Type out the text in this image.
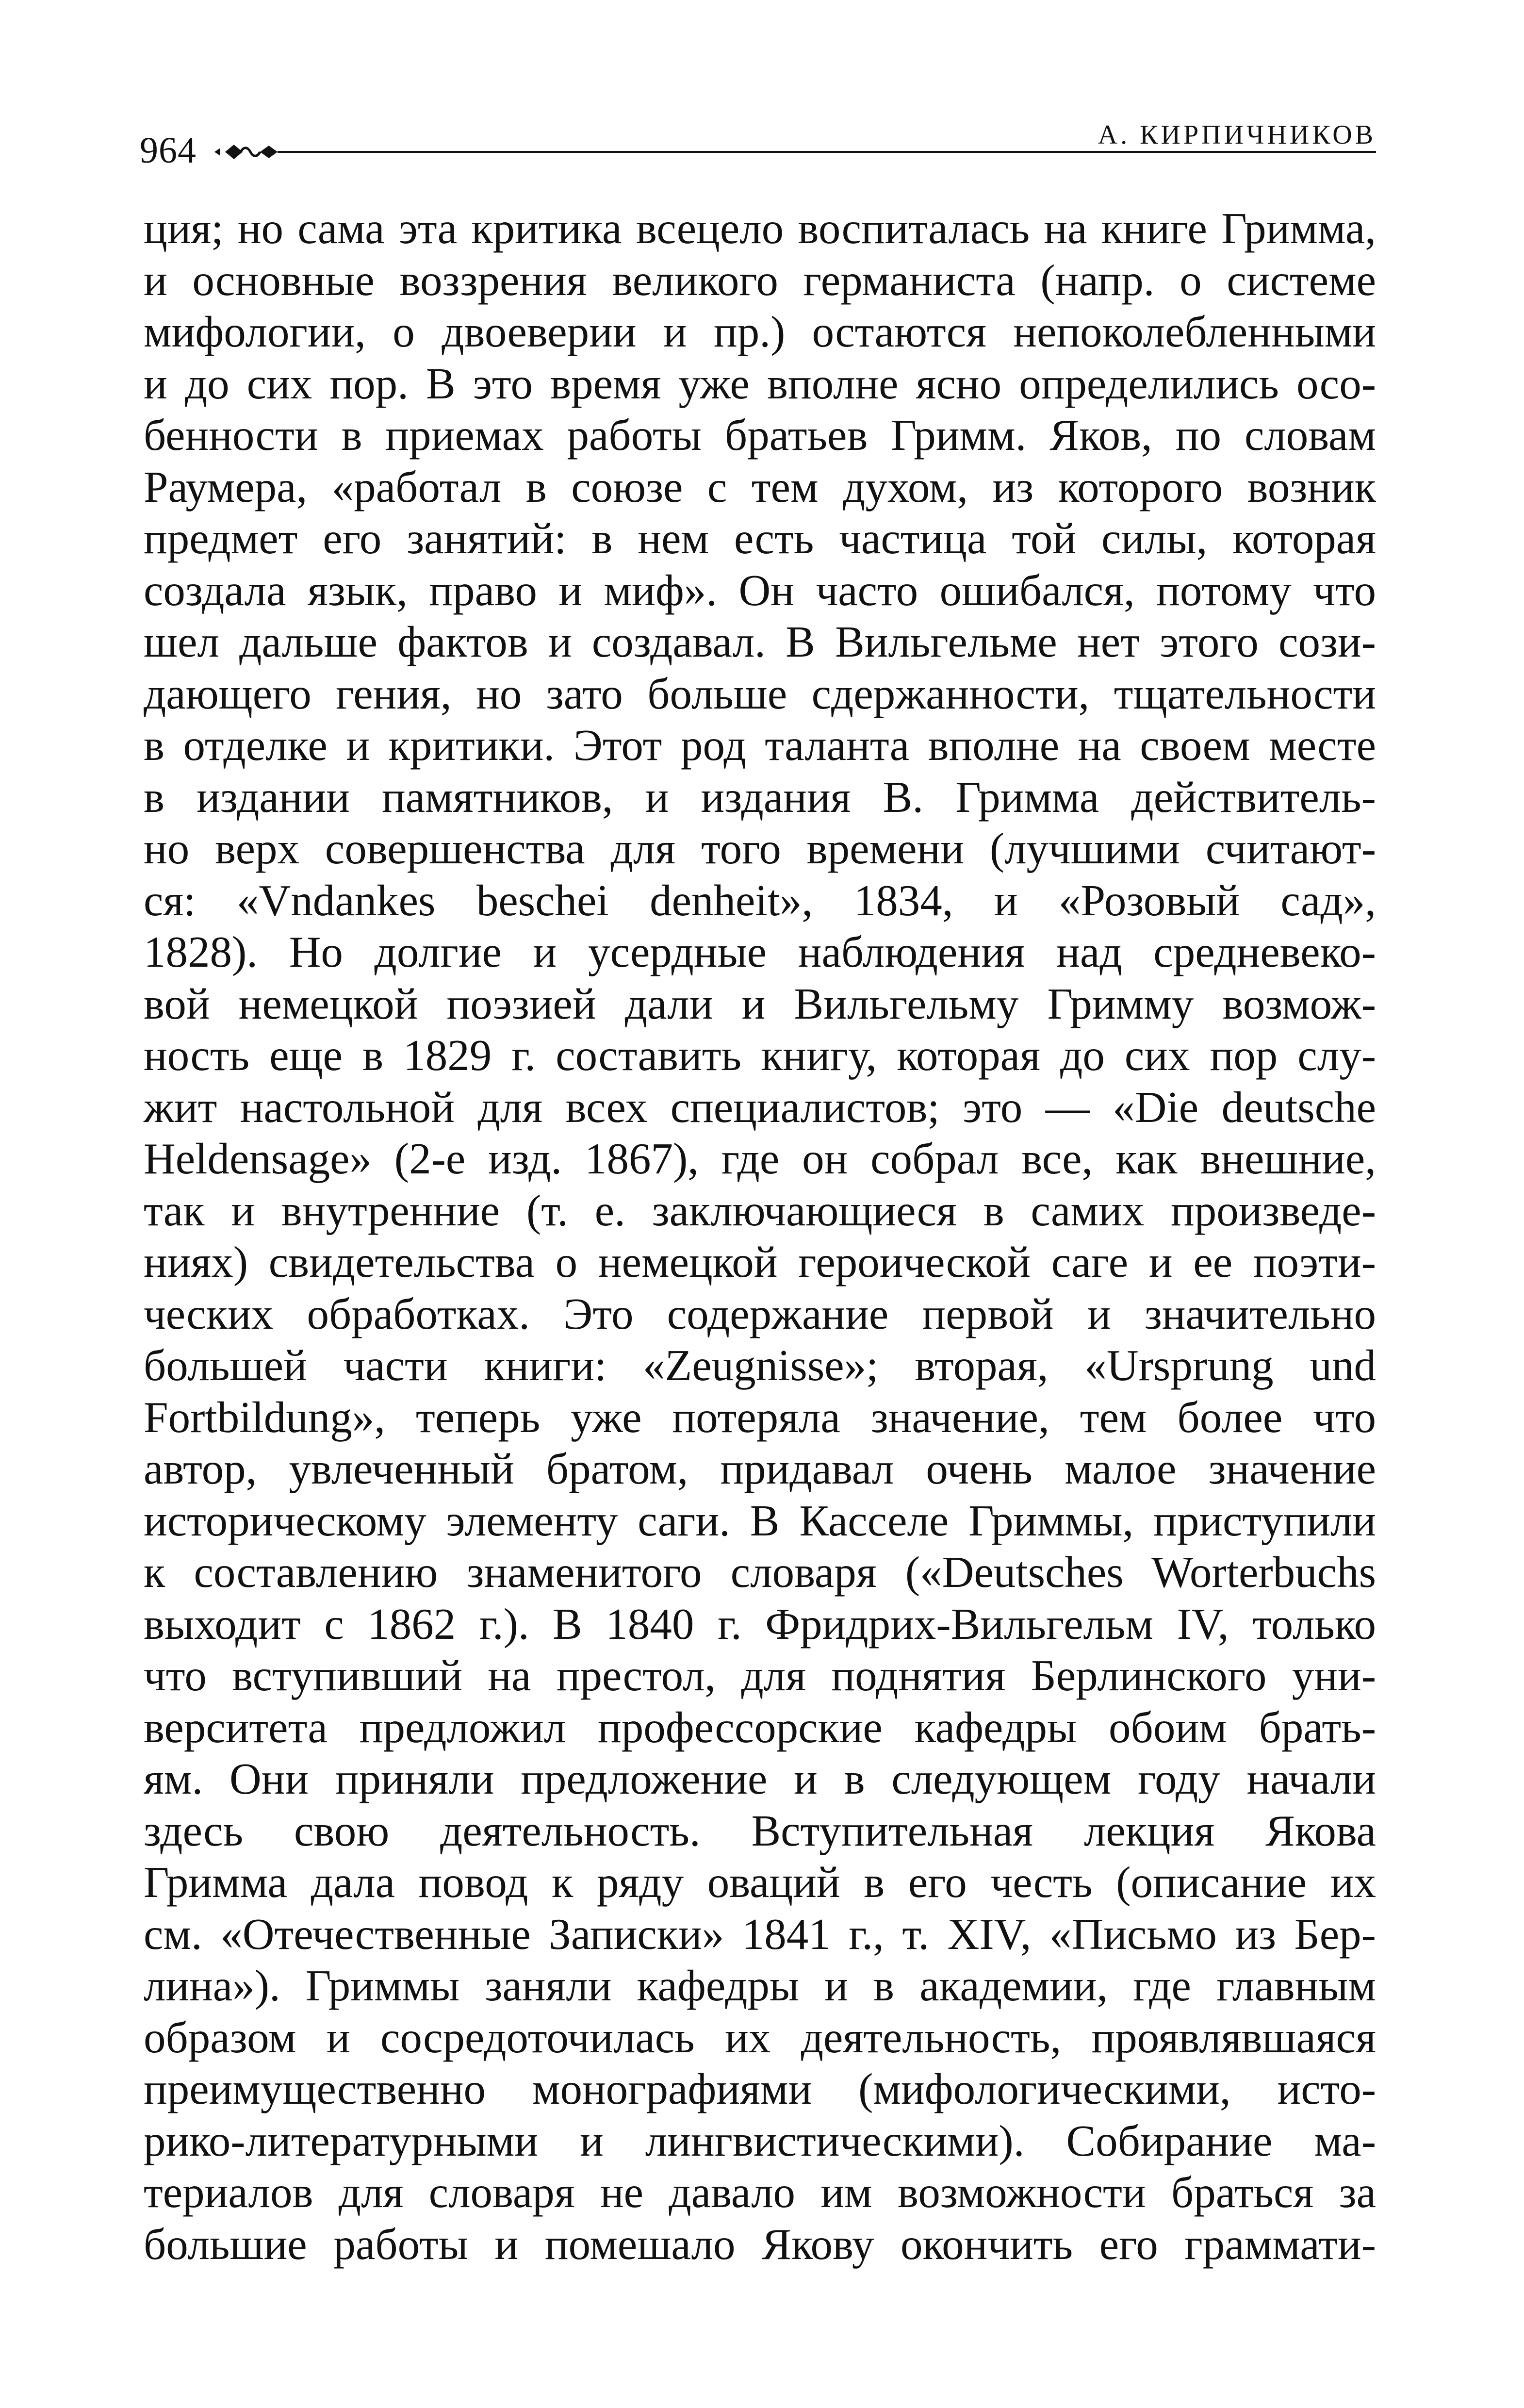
964	А. КИРПИЧНИКОВ
ция; но сама эта критика всецело воспиталась на книге Гримма,
и основные воззрения великого германиста (напр. о системе
мифологии, о двоеверии и пр.) остаются непоколебленными
и до сих пор. В это время уже вполне ясно определились осо-
бенности в приемах работы братьев Гримм. Яков, по словам
Раумера, «работал в союзе с тем духом, из которого возник
предмет его занятий: в нем есть частица той силы, которая
создала язык, право и миф». Он часто ошибался, потому что
шел дальше фактов и создавал. В Вильгельме нет этого сози-
дающего гения, но зато больше сдержанности, тщательности
в отделке и критики. Этот род таланта вполне на своем месте
в издании памятников, и издания В. Гримма действитель-
но верх совершенства для того времени (лучшими считают-
ся: «Vndankes beschei denheit», 1834, и «Розовый сад»,
1828). Но долгие и усердные наблюдения над средневеко-
вой немецкой поэзией дали и Вильгельму Гримму возмож-
ность еще в 1829 г. составить книгу, которая до сих пор слу-
жит настольной для всех специалистов; это — «Die deutsche
Heldensage» (2-е изд. 1867), где он собрал все, как внешние,
так и внутренние (т. е. заключающиеся в самих произведе-
ниях) свидетельства о немецкой героической саге и ее поэти-
ческих обработках. Это содержание первой и значительно
большей части книги: «Zeugnisse»; вторая, «Ursprung und
Fortbildung», теперь уже потеряла значение, тем более что
автор, увлеченный братом, придавал очень малое значение
историческому элементу саги. В Касселе Гриммы, приступили
к составлению знаменитого словаря («Deutsches Worterbuchs
выходит с 1862 г.). В 1840 г. Фридрих-Вильгельм IV, только
что вступивший на престол, для поднятия Берлинского уни-
верситета предложил профессорские кафедры обоим брать-
ям. Они приняли предложение и в следующем году начали
здесь свою деятельность. Вступительная лекция Якова
Гримма дала повод к ряду оваций в его честь (описание их
см. «Отечественные Записки» 1841 г., т. XIV, «Письмо из Бер-
лина»). Гриммы заняли кафедры и в академии, где главным
образом и сосредоточилась их деятельность, проявлявшаяся
преимущественно монографиями (мифологическими, исто-
рико-литературными и лингвистическими). Собирание ма-
териалов для словаря не давало им возможности браться за
большие работы и помешало Якову окончить его граммати-
